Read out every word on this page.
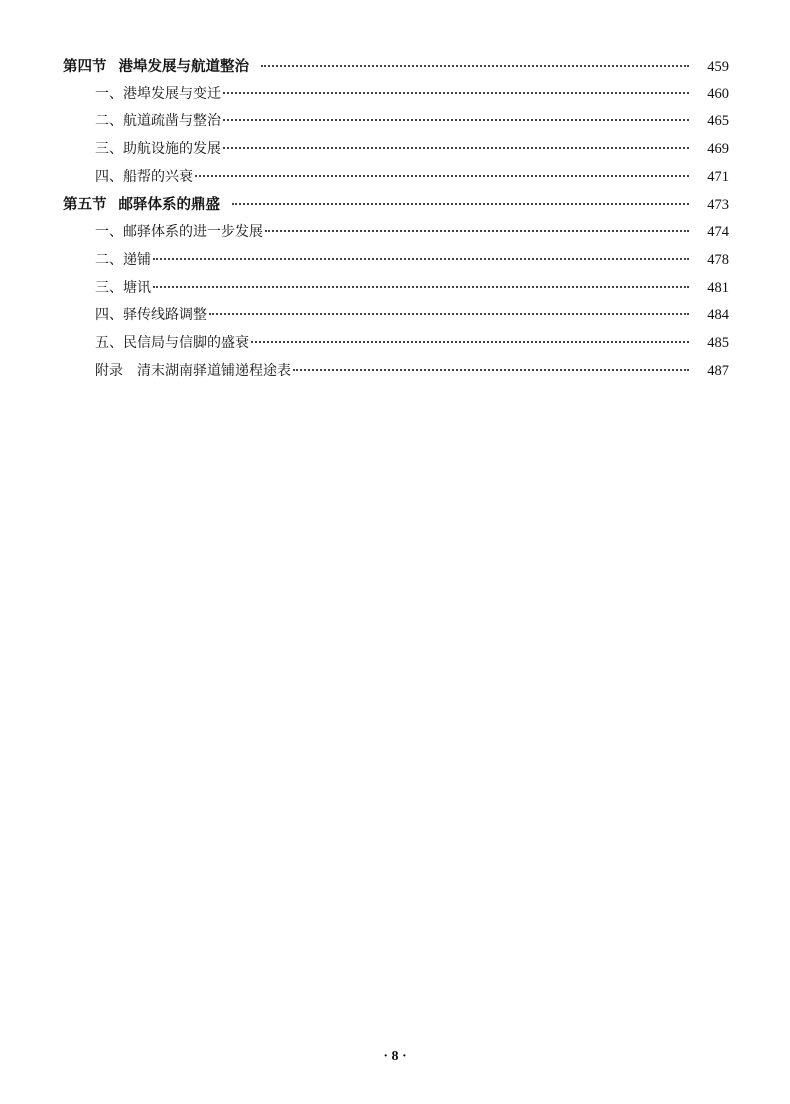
第四节 港埠发展与航道整治	459
一、港埠发展与变迁	460
二、航道疏凿与整治	465
三、助航设施的发展	469
四、船帮的兴衰	471
第五节 邮驿体系的鼎盛	473
一、邮驿体系的进一步发展	474
二、递铺	478
三、塘讯	481
四、驿传线路调整	484
五、民信局与信脚的盛衰	485
附录　清末湖南驿道铺递程途表	487
· 8 ·
